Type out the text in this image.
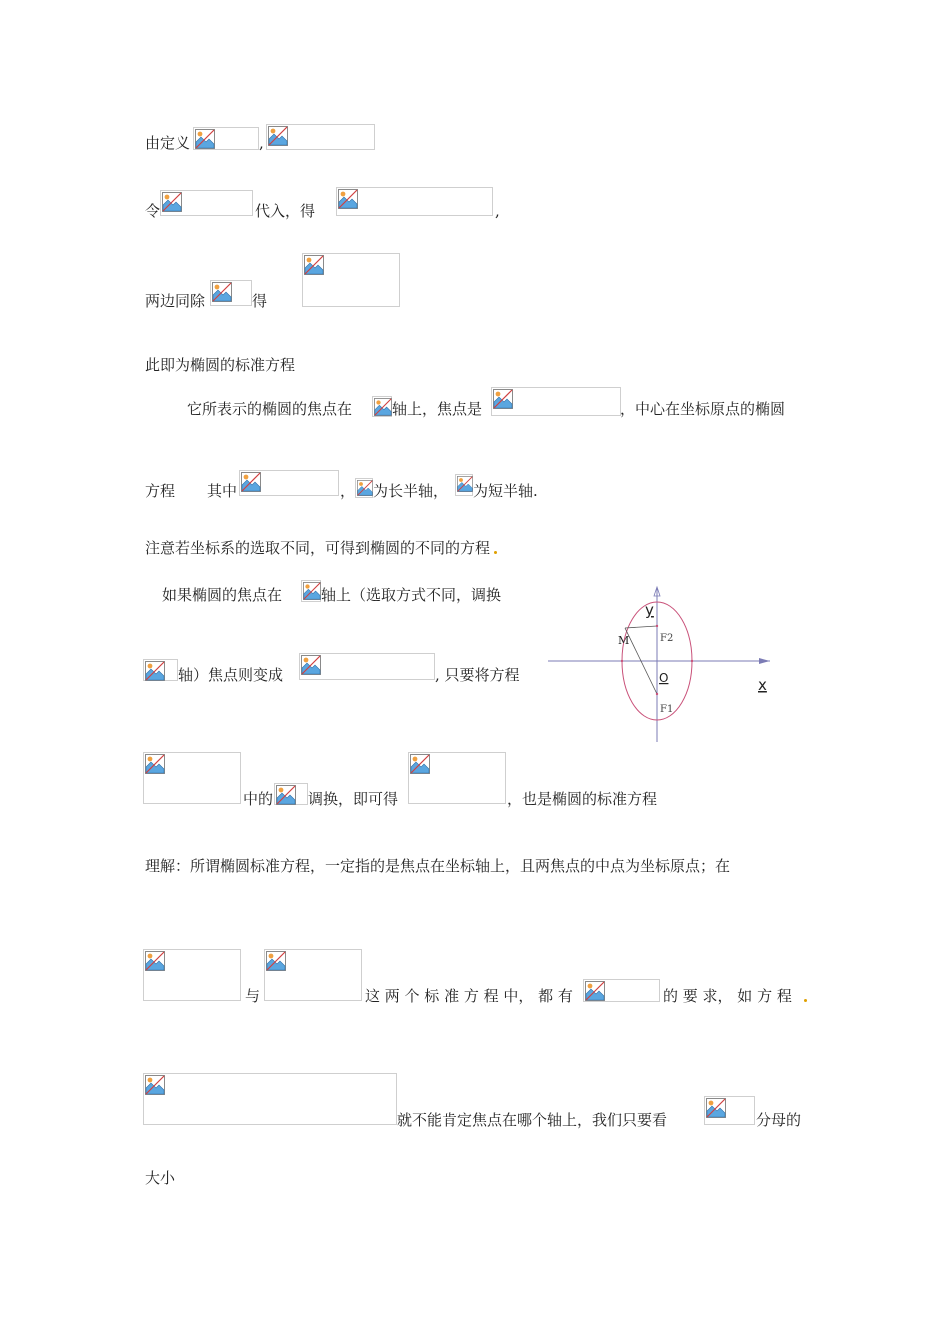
由定义	,
令	代入，得	,
两边同除	得
此即为椭圆的标准方程
它所表示的椭圆的焦点在	轴上，焦点是	，中心在坐标原点的椭圆
方程 其中	， 为长半轴， 为短半轴.
注意若坐标系的选取不同，可得到椭圆的不同的方程
如果椭圆的焦点在	轴上（选取方式不同，调换
轴）焦点则变成	, 只要将方程
y
x
M
O
F2
F1
中的 调换，即可得	，也是椭圆的标准方程
理解：所谓椭圆标准方程，一定指的是焦点在坐标轴上，且两焦点的中点为坐标原点；在
与	这 两 个 标 准 方 程 中， 都 有	的 要 求， 如 方 程
就不能肯定焦点在哪个轴上，我们只要看	分母的
大小
